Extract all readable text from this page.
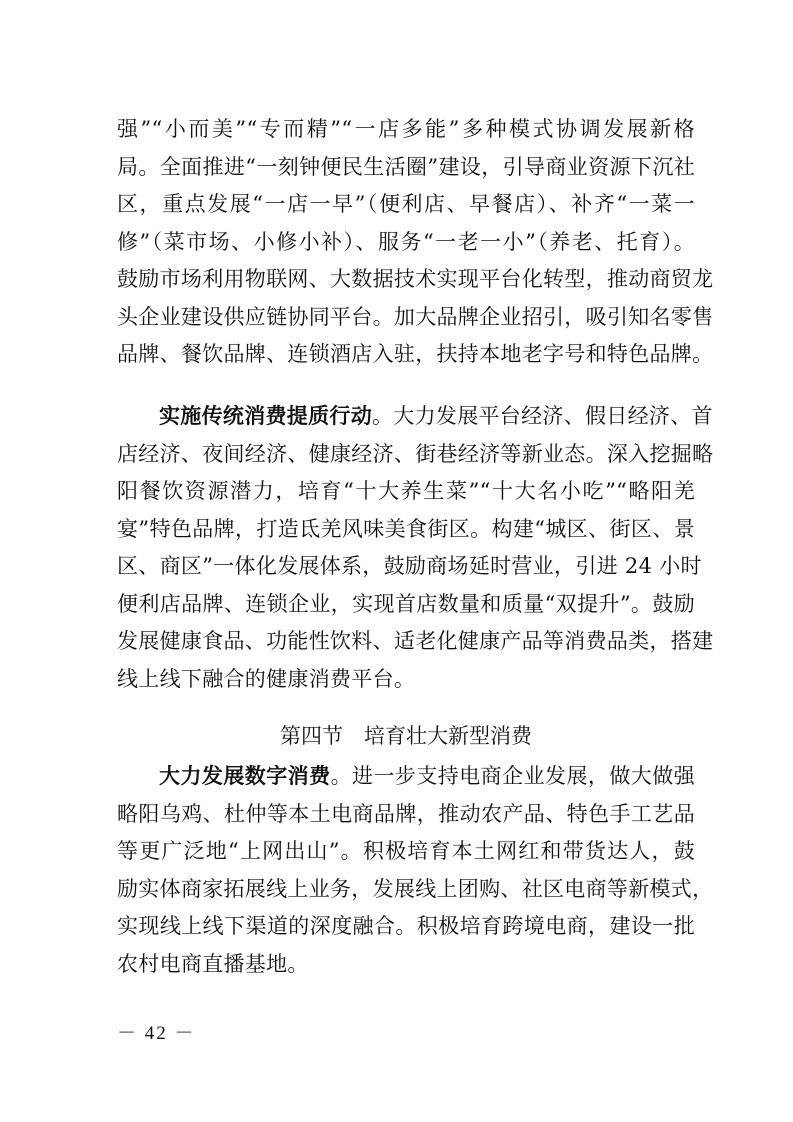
强”“小而美”“专而精”“一店多能”多种模式协调发展新格
局。全面推进“一刻钟便民生活圈”建设，引导商业资源下沉社
区，重点发展“一店一早”（便利店、早餐店）、补齐“一菜一
修”（菜市场、小修小补）、服务“一老一小”（养老、托育）。
鼓励市场利用物联网、大数据技术实现平台化转型，推动商贸龙
头企业建设供应链协同平台。加大品牌企业招引，吸引知名零售
品牌、餐饮品牌、连锁酒店入驻，扶持本地老字号和特色品牌。
实施传统消费提质行动。大力发展平台经济、假日经济、首
店经济、夜间经济、健康经济、街巷经济等新业态。深入挖掘略
阳餐饮资源潜力，培育“十大养生菜”“十大名小吃”“略阳羌
宴”特色品牌，打造氐羌风味美食街区。构建“城区、街区、景
区、商区”一体化发展体系，鼓励商场延时营业，引进 24 小时
便利店品牌、连锁企业，实现首店数量和质量“双提升”。鼓励
发展健康食品、功能性饮料、适老化健康产品等消费品类，搭建
线上线下融合的健康消费平台。
第四节　培育壮大新型消费
大力发展数字消费。进一步支持电商企业发展，做大做强
略阳乌鸡、杜仲等本土电商品牌，推动农产品、特色手工艺品
等更广泛地“上网出山”。积极培育本土网红和带货达人，鼓
励实体商家拓展线上业务，发展线上团购、社区电商等新模式，
实现线上线下渠道的深度融合。积极培育跨境电商，建设一批
农村电商直播基地。
－ 42 －
